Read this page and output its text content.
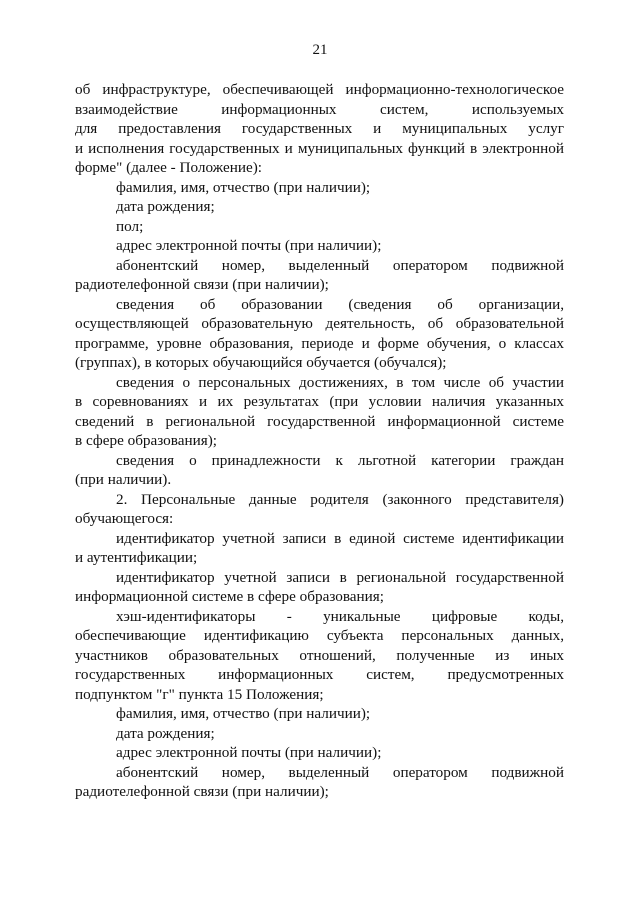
21
об инфраструктуре, обеспечивающей информационно-технологическое
взаимодействие информационных систем, используемых
для предоставления государственных и муниципальных услуг
и исполнения государственных и муниципальных функций в электронной
форме" (далее - Положение):
фамилия, имя, отчество (при наличии);
дата рождения;
пол;
адрес электронной почты (при наличии);
абонентский номер, выделенный оператором подвижной
радиотелефонной связи (при наличии);
сведения об образовании (сведения об организации,
осуществляющей образовательную деятельность, об образовательной
программе, уровне образования, периоде и форме обучения, о классах
(группах), в которых обучающийся обучается (обучался);
сведения о персональных достижениях, в том числе об участии
в соревнованиях и их результатах (при условии наличия указанных
сведений в региональной государственной информационной системе
в сфере образования);
сведения о принадлежности к льготной категории граждан
(при наличии).
2. Персональные данные родителя (законного представителя)
обучающегося:
идентификатор учетной записи в единой системе идентификации
и аутентификации;
идентификатор учетной записи в региональной государственной
информационной системе в сфере образования;
хэш-идентификаторы - уникальные цифровые коды,
обеспечивающие идентификацию субъекта персональных данных,
участников образовательных отношений, полученные из иных
государственных информационных систем, предусмотренных
подпунктом "г" пункта 15 Положения;
фамилия, имя, отчество (при наличии);
дата рождения;
адрес электронной почты (при наличии);
абонентский номер, выделенный оператором подвижной
радиотелефонной связи (при наличии);
